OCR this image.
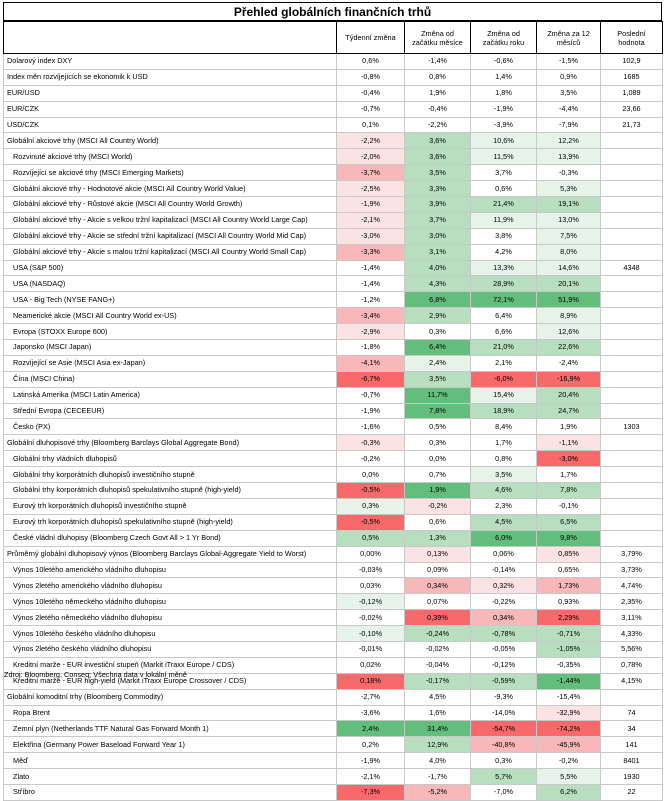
Přehled globálních finančních trhů
	Týdenní změna	Změna od začátku měsíce	Změna od začátku roku	Změna za 12 měsíců	Poslední hodnota
Dolarový index DXY	0,6%	-1,4%	-0,6%	-1,5%	102,9
Index měn rozvíjejících se ekonomik k USD	-0,8%	0,8%	1,4%	0,9%	1685
EUR/USD	-0,4%	1,9%	1,8%	3,5%	1,089
EUR/CZK	-0,7%	-0,4%	-1,9%	-4,4%	23,66
USD/CZK	0,1%	-2,2%	-3,9%	-7,9%	21,73
Globální akciové trhy (MSCI All Country World)	-2,2%	3,6%	10,6%	12,2%	
Rozvinuté akciové trhy (MSCI World)	-2,0%	3,6%	11,5%	13,9%	
Rozvíjející se akciové trhy (MSCI Emerging Markets)	-3,7%	3,5%	3,7%	-0,3%	
Globální akciové trhy - Hodnotové akcie (MSCI All Country World Value)	-2,5%	3,3%	0,6%	5,3%	
Globální akciové trhy - Růstové akcie (MSCI All Country World Growth)	-1,9%	3,9%	21,4%	19,1%	
Globální akciové trhy - Akcie s velkou tržní kapitalizací (MSCI All Country World Large Cap)	-2,1%	3,7%	11,9%	13,0%	
Globální akciové trhy - Akcie se střední tržní kapitalizací (MSCI All Country World Mid Cap)	-3,0%	3,0%	3,8%	7,5%	
Globální akciové trhy - Akcie s malou tržní kapitalizací (MSCI All Country World Small Cap)	-3,3%	3,1%	4,2%	8,0%	
USA (S&P 500)	-1,4%	4,0%	13,3%	14,6%	4348
USA (NASDAQ)	-1,4%	4,3%	28,9%	20,1%	
USA - Big Tech (NYSE FANG+)	-1,2%	6,8%	72,1%	51,9%	
Neamerické akcie (MSCI All Country World ex-US)	-3,4%	2,9%	6,4%	8,9%	
Evropa (STOXX Europe 600)	-2,9%	0,3%	6,6%	12,6%	
Japonsko (MSCI Japan)	-1,8%	6,4%	21,0%	22,6%	
Rozvíjející se Asie (MSCI Asia ex-Japan)	-4,1%	2,4%	2,1%	-2,4%	
Čína (MSCI China)	-6,7%	3,5%	-6,0%	-16,9%	
Latinská Amerika (MSCI Latin America)	-0,7%	11,7%	15,4%	20,4%	
Střední Evropa (CECEEUR)	-1,9%	7,8%	18,9%	24,7%	
Česko (PX)	-1,6%	0,5%	8,4%	1,9%	1303
Globální dluhopisové trhy (Bloomberg Barclays Global Aggregate Bond)	-0,3%	0,3%	1,7%	-1,1%	
Globální trhy vládních dluhopisů	-0,2%	0,0%	0,8%	-3,0%	
Globální trhy korporátních dluhopisů investičního stupně	0,0%	0,7%	3,5%	1,7%	
Globální trhy korporátních dluhopisů spekulativního stupně (high-yield)	-0,5%	1,9%	4,6%	7,8%	
Eurový trh korporátních dluhopisů investičního stupně	0,3%	-0,2%	2,3%	-0,1%	
Eurový trh korporátních dluhopisů spekulativního stupně (high-yield)	-0,5%	0,6%	4,5%	6,5%	
České vládní dluhopisy (Bloomberg Czech Govt All > 1 Yr Bond)	0,5%	1,3%	6,0%	9,8%	
Průměrný globální dluhopisový výnos (Bloomberg Barclays Global-Aggregate Yield to Worst)	0,00%	0,13%	0,06%	0,85%	3,79%
Výnos 10letého amerického vládního dluhopisu	-0,03%	0,09%	-0,14%	0,65%	3,73%
Výnos 2letého amerického vládního dluhopisu	0,03%	0,34%	0,32%	1,73%	4,74%
Výnos 10letého německého vládního dluhopisu	-0,12%	0,07%	-0,22%	0,93%	2,35%
Výnos 2letého německého vládního dluhopisu	-0,02%	0,39%	0,34%	2,29%	3,11%
Výnos 10letého českého vládního dluhopisu	-0,10%	-0,24%	-0,78%	-0,71%	4,33%
Výnos 2letého českého vládního dluhopisu	-0,01%	-0,02%	-0,05%	-1,05%	5,56%
Kreditní marže - EUR investiční stupeň (Markit iTraxx Europe / CDS)	0,02%	-0,04%	-0,12%	-0,35%	0,78%
Kreditní marže - EUR high-yield (Markit iTraxx Europe Crossover / CDS)	0,18%	-0,17%	-0,59%	-1,44%	4,15%
Globální komoditní trhy (Bloomberg Commodity)	-2,7%	4,5%	-9,3%	-15,4%	
Ropa Brent	-3,6%	1,6%	-14,0%	-32,9%	74
Zemní plyn (Netherlands TTF Natural Gas Forward Month 1)	2,4%	31,4%	-54,7%	-74,2%	34
Elektřina (Germany Power Baseload Forward Year 1)	0,2%	12,9%	-40,8%	-45,9%	141
Měď	-1,9%	4,0%	0,3%	-0,2%	8401
Zlato	-2,1%	-1,7%	5,7%	5,5%	1930
Stříbro	-7,3%	-5,2%	-7,0%	6,2%	22
Zdroj: Bloomberg, Conseq; Všechna data v lokální měně
